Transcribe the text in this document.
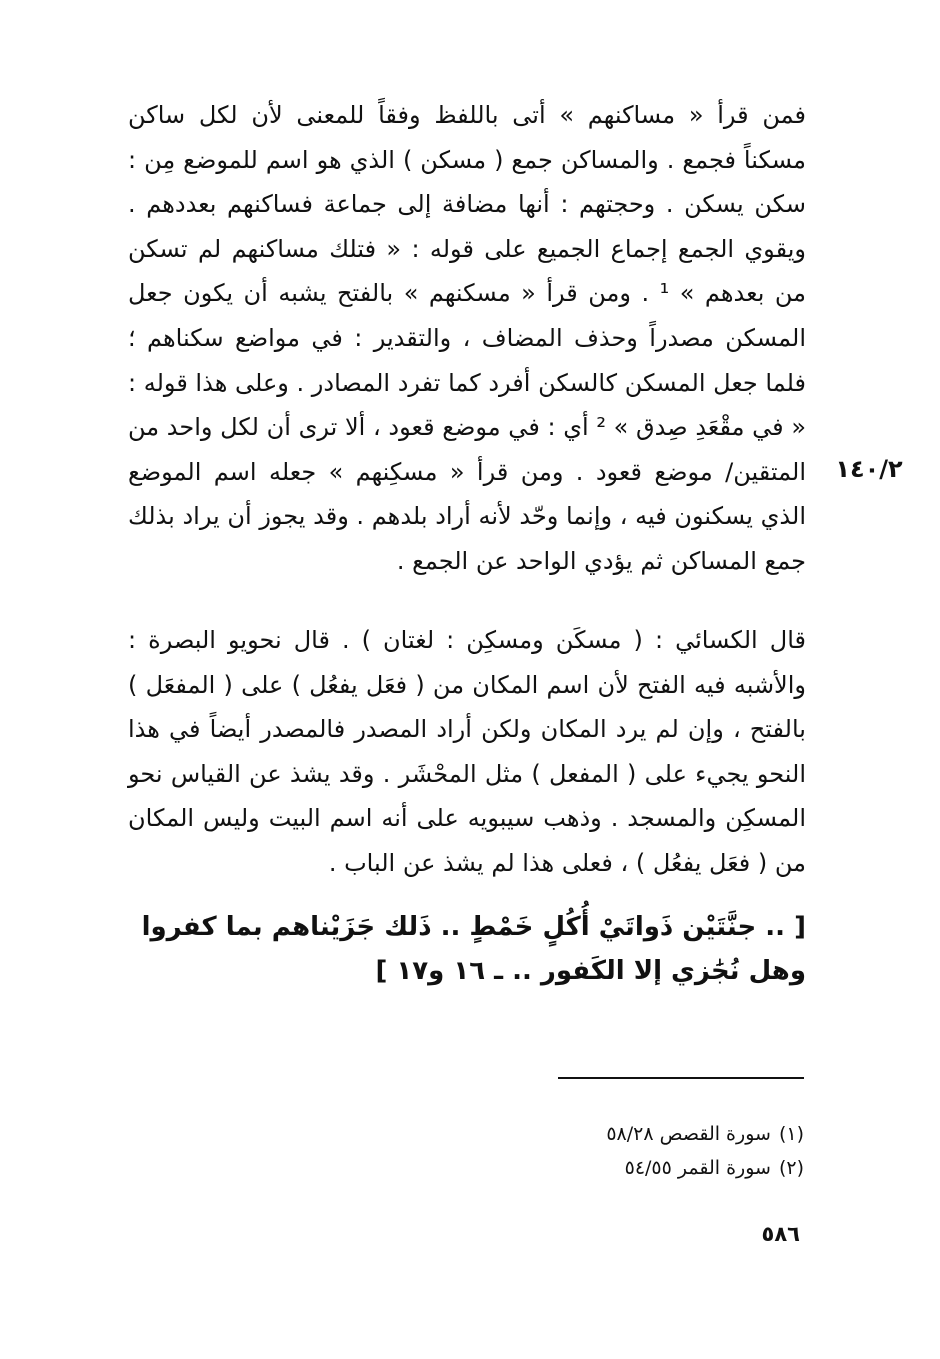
فمن قرأ « مساكنهم » أتى باللفظ وفقاً للمعنى لأن لكل ساكن مسكناً فجمع . والمساكن جمع ( مسكن ) الذي هو اسم للموضع مِن : سكن يسكن . وحجتهم : أنها مضافة إلى جماعة فساكنهم بعددهم . ويقوي الجمع إجماع الجميع على قوله : « فتلك مساكنهم لم تسكن من بعدهم » ¹ . ومن قرأ « مسكنهم » بالفتح يشبه أن يكون جعل المسكن مصدراً وحذف المضاف ، والتقدير : في مواضع سكناهم ؛ فلما جعل المسكن كالسكن أفرد كما تفرد المصادر . وعلى هذا قوله : « في مقْعَدِ صِدق » ² أي : في موضع قعود ، ألا ترى أن لكل واحد من المتقين/ موضع قعود . ومن قرأ « مسكِنهم » جعله اسم الموضع الذي يسكنون فيه ، وإنما وحّد لأنه أراد بلدهم . وقد يجوز أن يراد بذلك جمع المساكن ثم يؤدي الواحد عن الجمع .

١٤٠/٢

قال الكسائي : ( مسكَن ومسكِن : لغتان ) . قال نحويو البصرة : والأشبه فيه الفتح لأن اسم المكان من ( فعَل يفعُل ) على ( المفعَل ) بالفتح ، وإن لم يرد المكان ولكن أراد المصدر فالمصدر أيضاً في هذا النحو يجيء على ( المفعل ) مثل المحْشَر . وقد يشذ عن القياس نحو المسكِن والمسجد . وذهب سيبويه على أنه اسم البيت وليس المكان من ( فعَل يفعُل ) ، فعلى هذا لم يشذ عن الباب .

[ .. جنَّتَيْن ذَواتَيْ أُكُلٍ خَمْطٍ .. ذَلك جَزَيْناهم بما كفروا وهل نُجَٰزي إلا الكَفور .. ـ ١٦ و١٧ ]

(١)سورة القصص ٥٨/٢٨
(٢)سورة القمر ٥٤/٥٥
٥٨٦
